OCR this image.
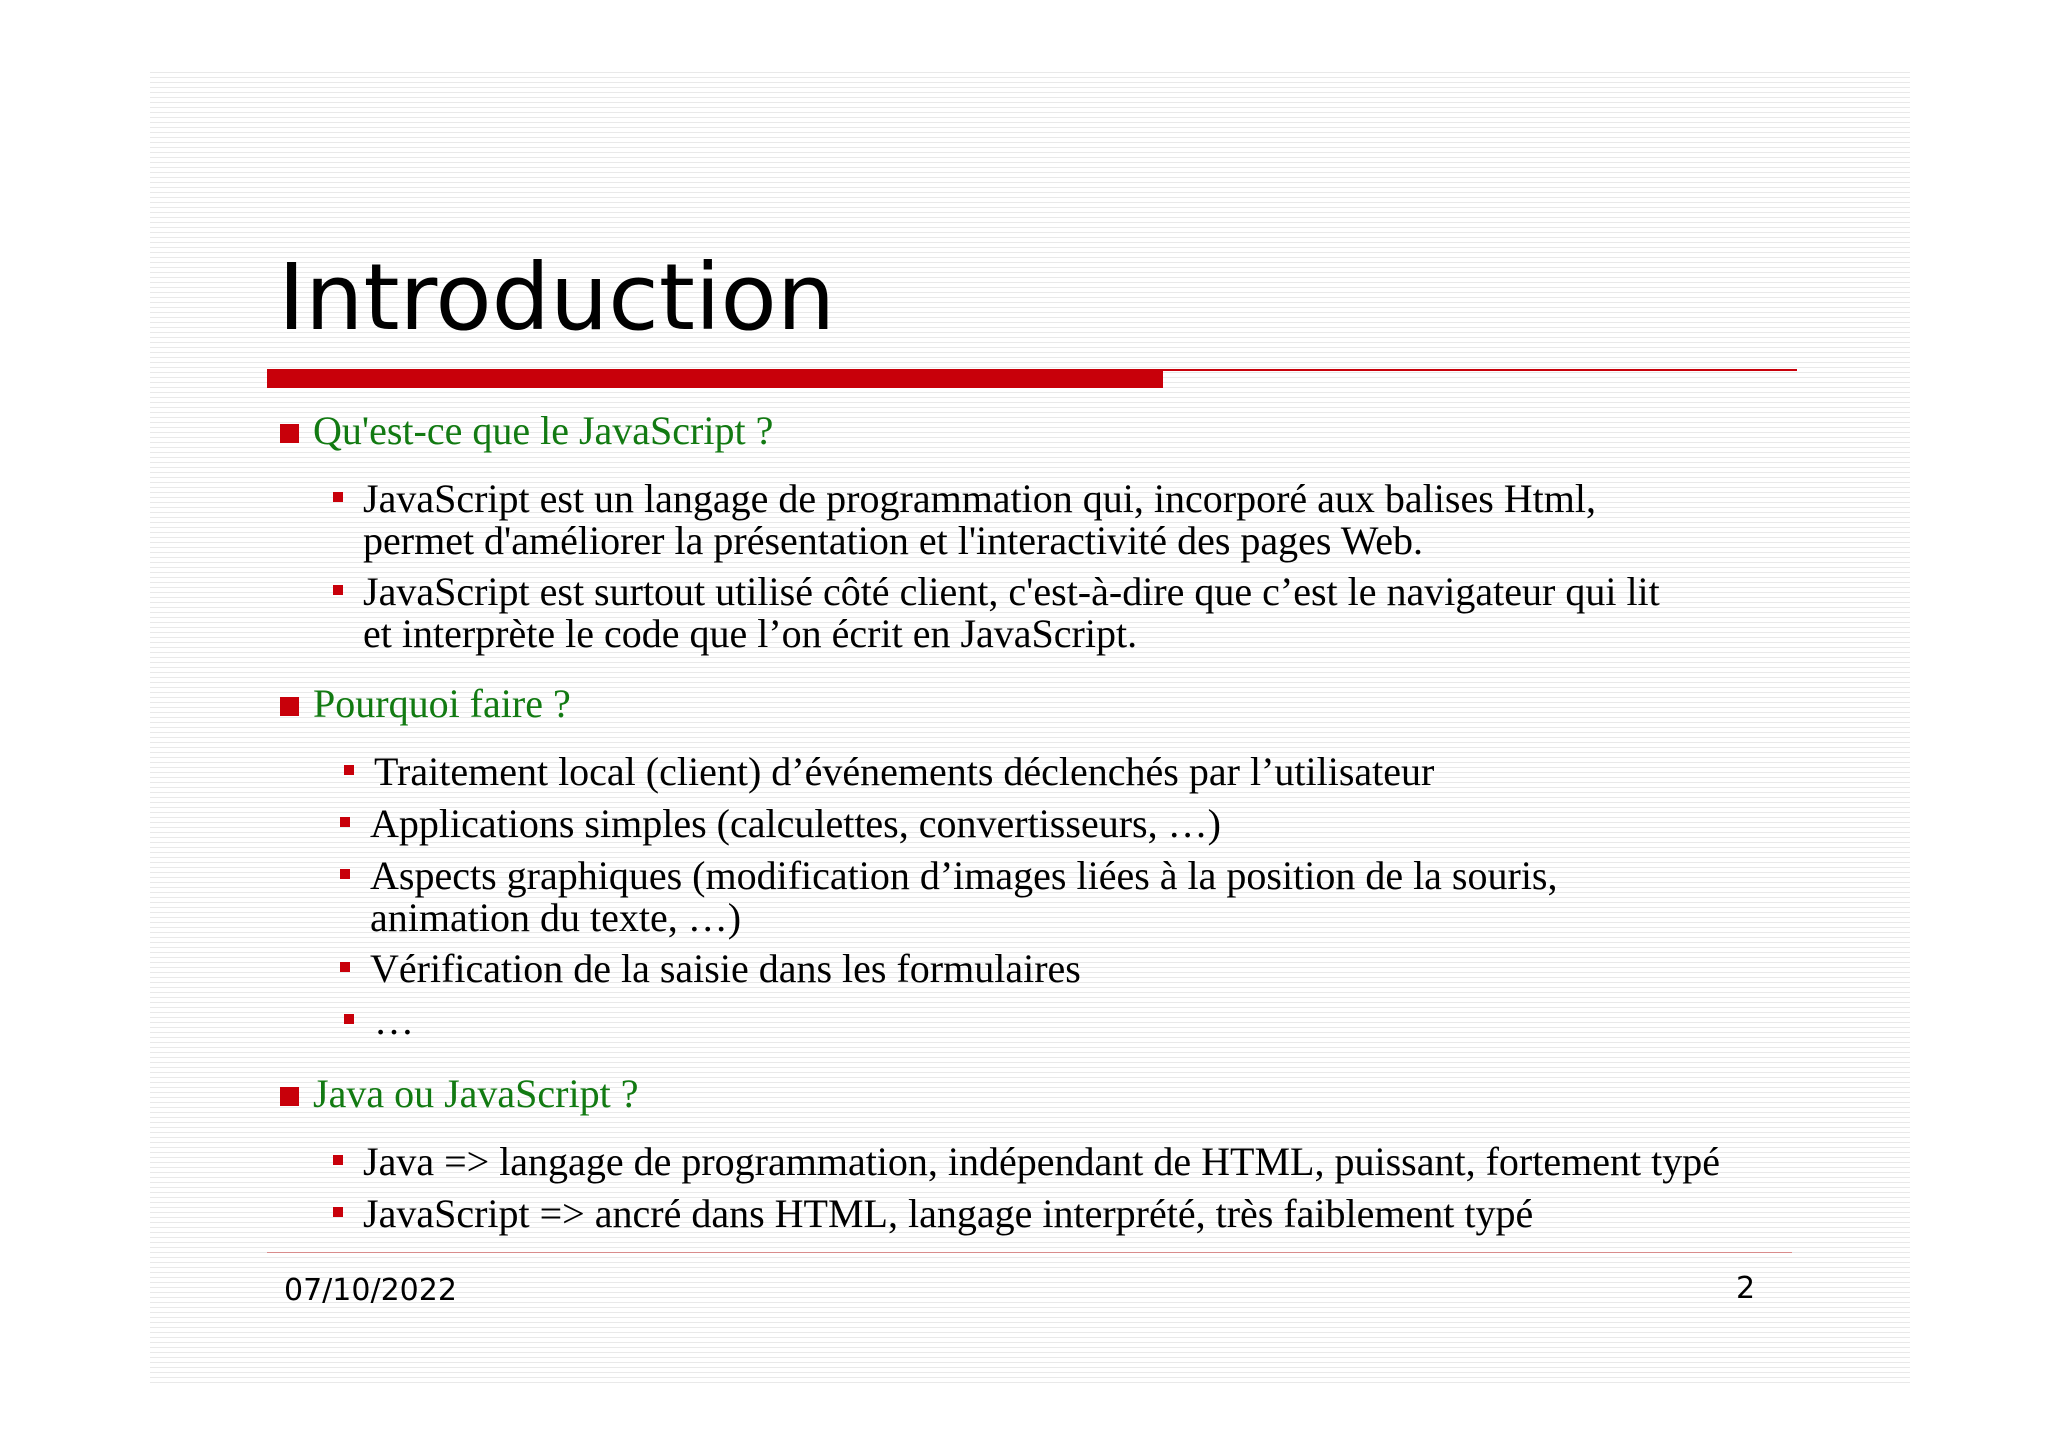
Introduction
Qu'est-ce que le JavaScript ?
JavaScript est un langage de programmation qui, incorporé aux balises Html,
permet d'améliorer la présentation et l'interactivité des pages Web.
JavaScript est surtout utilisé côté client, c'est-à-dire que c’est le navigateur qui lit
et interprète le code que l’on écrit en JavaScript.
Pourquoi faire ?
Traitement local (client) d’événements déclenchés par l’utilisateur
Applications simples (calculettes, convertisseurs, …)
Aspects graphiques (modification d’images liées à la position de la souris,
animation du texte, …)
Vérification de la saisie dans les formulaires
…
Java ou JavaScript ?
Java => langage de programmation, indépendant de HTML, puissant, fortement typé
JavaScript => ancré dans HTML, langage interprété, très faiblement typé
07/10/2022	2
